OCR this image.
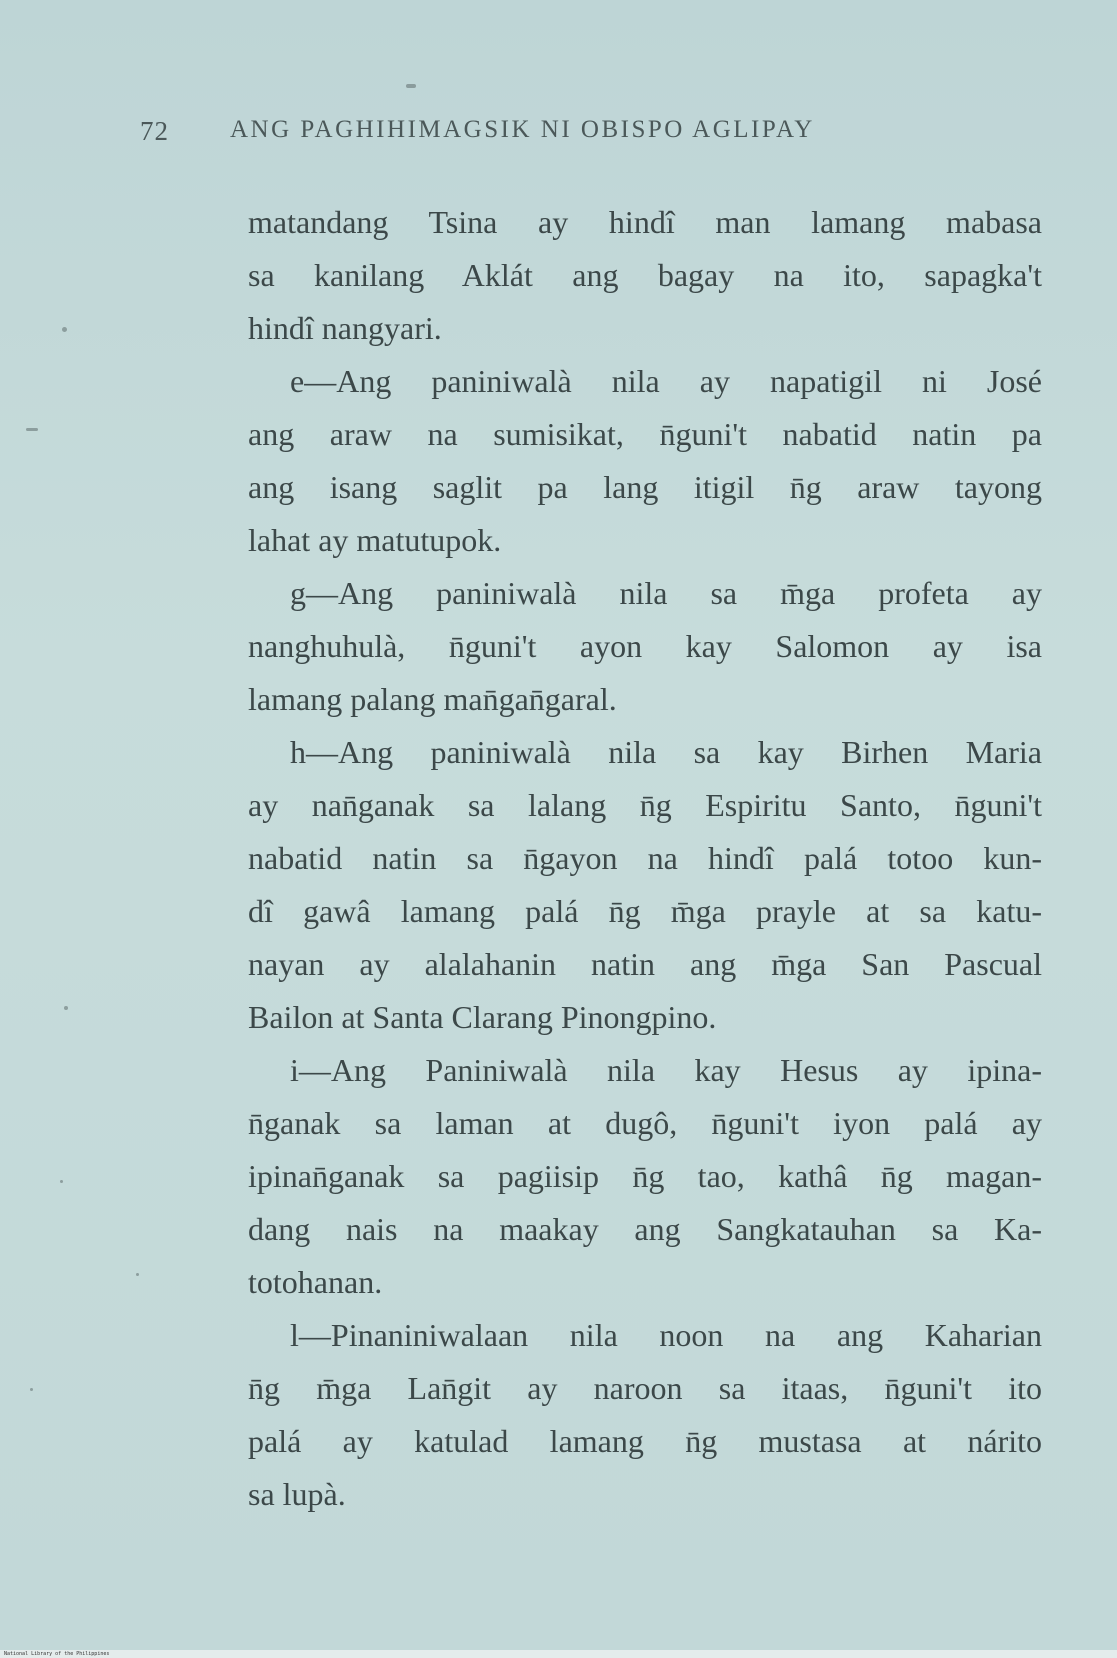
72 ANG PAGHIHIMAGSIK NI OBISPO AGLIPAY

matandang Tsina ay hindî man lamang mabasa
sa kanilang Aklát ang bagay na ito, sapagka't
hindî nangyari.

e—Ang paniniwalà nila ay napatigil ni José
ang araw na sumisikat, n̄guni't nabatid natin pa
ang isang saglit pa lang itigil n̄g araw tayong
lahat ay matutupok.

g—Ang paniniwalà nila sa m̄ga profeta ay
nanghuhulà, n̄guni't ayon kay Salomon ay isa
lamang palang man̄gan̄garal.

h—Ang paniniwalà nila sa kay Birhen Maria
ay nan̄ganak sa lalang n̄g Espiritu Santo, n̄guni't
nabatid natin sa n̄gayon na hindî palá totoo kun-
dî gawâ lamang palá n̄g m̄ga prayle at sa katu-
nayan ay alalahanin natin ang m̄ga San Pascual
Bailon at Santa Clarang Pinongpino.

i—Ang Paniniwalà nila kay Hesus ay ipina-
n̄ganak sa laman at dugô, n̄guni't iyon palá ay
ipinan̄ganak sa pagiisip n̄g tao, kathâ n̄g magan-
dang nais na maakay ang Sangkatauhan sa Ka-
totohanan.

l—Pinaniniwalaan nila noon na ang Kaharian
n̄g m̄ga Lan̄git ay naroon sa itaas, n̄guni't ito
palá ay katulad lamang n̄g mustasa at nárito
sa lupà.

National Library of the Philippines
